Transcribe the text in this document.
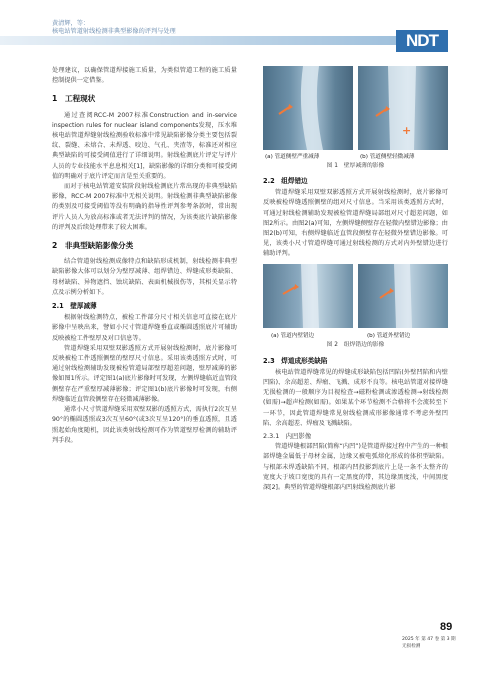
黄清辉，等：
核电站管道射线检测非典型影像的评判与处理	NDT

处理建议，以确保管道焊接施工质量，为类似管道工程的施工质量控制提供一定借鉴。

1　工程现状

通过查阅RCC-M 2007标准Construction and in-service inspection rules for nuclear island components发现，压水堆核电站管道焊缝射线检测验收标准中常见缺陷影像分类主要包括裂纹、裂缝、未熔合、未焊透、咬边、气孔、夹渣等，标准还对相应典型缺陷的可接受阈值进行了详细说明。射线检测底片评定与评片人员的专业技能水平息息相关[1]，缺陷影像的详细分类和可接受阈值的明确对于底片评定而言是至关重要的。

而对于核电站管道安装阶段射线检测底片常出现的非典型缺陷影像，RCC-M 2007标准中无相关说明。射线检测非典型缺陷影像的类别及可接受阈值等没有明确的指导性评判参考条款时，常出现评片人员人为放高标准或者无法评判的情况，为该类底片缺陷影像的评判及后续处理带来了较大困难。

2　非典型缺陷影像分类

结合管道射线检测成像特点和缺陷形成机制，射线检测非典型缺陷影像大体可以划分为壁厚减薄、组焊错边、焊缝成形类缺陷、母材缺陷、异物遮挡、蚀坑缺陷、表面机械损伤等，其相关显示特点及示例分析如下。

2.1　壁厚减薄

根据射线检测特点，被检工件部分尺寸相关信息可直接在底片影像中呈映出来，譬如小尺寸管道焊缝垂直或椭圆透照底片可辅助反映被检工件壁厚及对口信息等。

管道焊缝采用双壁双影透照方式开展射线检测时，底片影像可反映被检工件透照侧壁的壁厚尺寸信息。采用该类透照方式时，可通过射线检测辅助发现被检管道局部壁厚超差问题，壁厚减薄的影像如图1所示。评定图1(a)底片影像时可发现，左侧焊缝临近直管段侧壁存在严重壁厚减薄影像；评定图1(b)底片影像时可发现，右侧焊缝临近直管段侧壁存在轻微减薄影像。

通常小尺寸管道焊缝采用双壁双影的透照方式，需执行2次互呈90°的椭圆透照或3次互呈60°(或3次互呈120°)的垂直透照，且透照起始角度随机，因此该类射线检测可作为管道壁厚检测的辅助评判手段。

+
(a) 管道侧壁严重减薄	(b) 管道侧壁轻微减薄
图 1　壁厚减薄的影像
2.2　组焊错边

管道焊缝采用双壁双影透照方式开展射线检测时，底片影像可反映被检焊缝透照侧壁的组对尺寸信息。当采用该类透照方式时，可通过射线检测辅助发现被检管道焊缝局部组对尺寸超差问题，如图2所示。由图2(a)可知，左侧焊缝侧壁存在轻微内壁错边影像；由图2(b)可知，右侧焊缝临近直管段侧壁存在轻微外壁错边影像。可见，该类小尺寸管道焊缝可通过射线检测的方式对内外壁错边进行辅助评判。

(a) 管道内壁错边	(b) 管道外壁错边
图 2　组焊错边的影像
2.3　焊道成形类缺陷

核电站管道焊缝常见的焊缝成形缺陷包括凹陷(外壁凹陷和内壁凹陷)、余高超差、焊瘤、飞溅、成形不良等。核电站管道对接焊缝无损检测的一般顺序为目视检查→磁粉检测或渗透检测→射线检测(如需)→超声检测(如需)。如果某个环节检测不合格将不会流转至下一环节，因此管道焊缝常见射线检测成形影像通常不考虑外壁凹陷、余高超差、焊瘤及飞溅缺陷。

2.3.1　内凹影像

管道焊缝根部凹陷(简称“内凹”)是管道焊接过程中产生的一种根部焊缝金属低于母材金属，边缘又被电弧熔化形成的体积型缺陷。与根部未焊透缺陷不同，根部内凹投影到底片上是一条不太整齐的宽度大于坡口宽度的具有一定黑度的带，其边缘黑度浅，中间黑度深[2]。典型的管道焊缝根部内凹射线检测底片影

89
2025 年 第 47 卷 第 3 期
无损检测
